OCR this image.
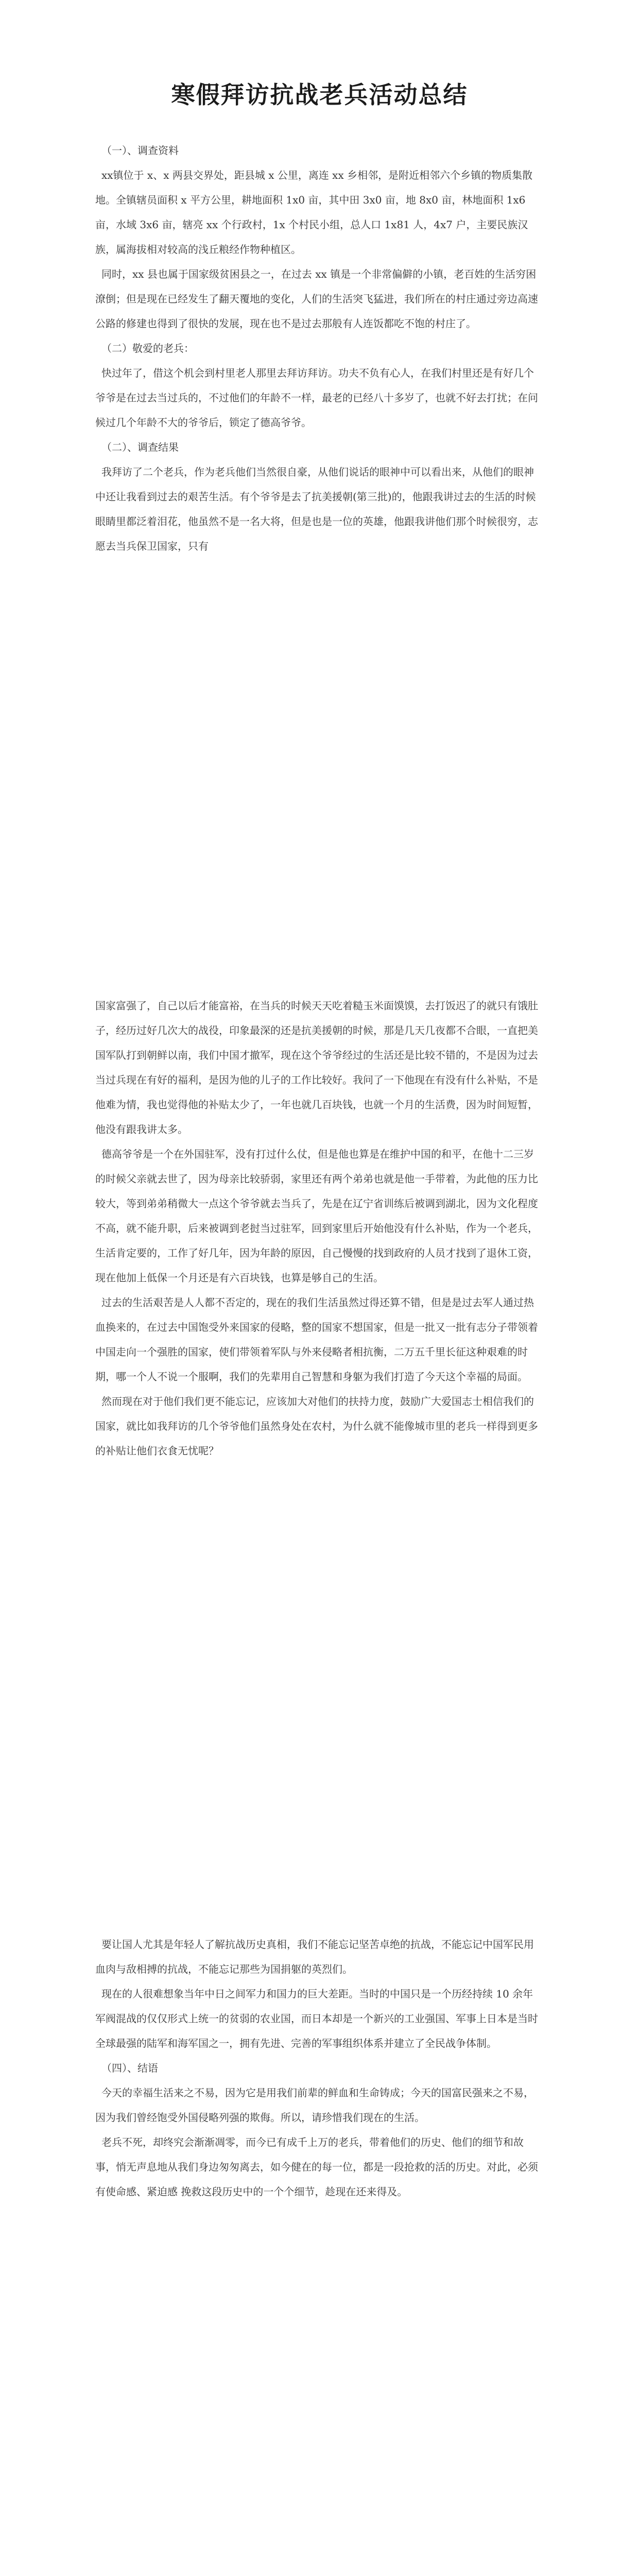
寒假拜访抗战老兵活动总结

（一）、调查资料

xx镇位于 x、x 两县交界处，距县城 x 公里，离连 xx 乡相邻，是附近相邻六个乡镇的物质集散地。全镇辖员面积 x 平方公里，耕地面积 1x0 亩，其中田 3x0 亩，地 8x0 亩，林地面积 1x6 亩，水域 3x6 亩，辖亮 xx 个行政村，1x 个村民小组，总人口 1x81 人，4x7 户，主要民族汉族，属海拔相对较高的浅丘粮经作物种植区。

同时，xx 县也属于国家级贫困县之一，在过去 xx 镇是一个非常偏僻的小镇，老百姓的生活穷困潦倒；但是现在已经发生了翻天覆地的变化，人们的生活突飞猛进，我们所在的村庄通过旁边高速公路的修建也得到了很快的发展，现在也不是过去那般有人连饭都吃不饱的村庄了。

（二）敬爱的老兵：

快过年了，借这个机会到村里老人那里去拜访拜访。功夫不负有心人，在我们村里还是有好几个爷爷是在过去当过兵的，不过他们的年龄不一样，最老的已经八十多岁了，也就不好去打扰；在问候过几个年龄不大的爷爷后，锁定了德高爷爷。

（二）、调查结果

我拜访了二个老兵，作为老兵他们当然很自豪，从他们说话的眼神中可以看出来，从他们的眼神中还让我看到过去的艰苦生活。有个爷爷是去了抗美援朝(第三批)的，他跟我讲过去的生活的时候眼睛里都泛着泪花，他虽然不是一名大将，但是也是一位的英雄，他跟我讲他们那个时候很穷，志愿去当兵保卫国家，只有

国家富强了，自己以后才能富裕，在当兵的时候天天吃着糙玉米面馍馍，去打饭迟了的就只有饿肚子，经历过好几次大的战役，印象最深的还是抗美援朝的时候，那是几天几夜都不合眼，一直把美国军队打到朝鲜以南，我们中国才撤军，现在这个爷爷经过的生活还是比较不错的，不是因为过去当过兵现在有好的福利，是因为他的儿子的工作比较好。我问了一下他现在有没有什么补贴，不是他难为情，我也觉得他的补贴太少了，一年也就几百块钱，也就一个月的生活费，因为时间短暂，他没有跟我讲太多。

德高爷爷是一个在外国驻军，没有打过什么仗，但是他也算是在维护中国的和平，在他十二三岁的时候父亲就去世了，因为母亲比较骄弱，家里还有两个弟弟也就是他一手带着，为此他的压力比较大，等到弟弟稍微大一点这个爷爷就去当兵了，先是在辽宁省训练后被调到湖北，因为文化程度不高，就不能升职，后来被调到老挝当过驻军，回到家里后开始他没有什么补贴，作为一个老兵，生活肯定要的，工作了好几年，因为年龄的原因，自己慢慢的找到政府的人员才找到了退休工资，现在他加上低保一个月还是有六百块钱，也算是够自己的生活。

过去的生活艰苦是人人都不否定的，现在的我们生活虽然过得还算不错，但是是过去军人通过热血换来的，在过去中国饱受外来国家的侵略，整的国家不想国家，但是一批又一批有志分子带领着中国走向一个强胜的国家，使们带领着军队与外来侵略者相抗衡，二万五千里长征这种艰难的时期，哪一个人不说一个服啊，我们的先辈用自己智慧和身躯为我们打造了今天这个幸福的局面。

然而现在对于他们我们更不能忘记，应该加大对他们的扶持力度，鼓励广大爱国志士相信我们的国家，就比如我拜访的几个爷爷他们虽然身处在农村，为什么就不能像城市里的老兵一样得到更多的补贴让他们衣食无忧呢？

要让国人尤其是年轻人了解抗战历史真相，我们不能忘记坚苦卓绝的抗战，不能忘记中国军民用血肉与敌相搏的抗战，不能忘记那些为国捐躯的英烈们。

现在的人很难想象当年中日之间军力和国力的巨大差距。当时的中国只是一个历经持续 10 余年军阀混战的仅仅形式上统一的贫弱的农业国，而日本却是一个新兴的工业强国、军事上日本是当时全球最强的陆军和海军国之一，拥有先进、完善的军事组织体系并建立了全民战争体制。

（四）、结语

今天的幸福生活来之不易，因为它是用我们前辈的鲜血和生命铸成；今天的国富民强来之不易，因为我们曾经饱受外国侵略列强的欺侮。所以，请珍惜我们现在的生活。

老兵不死，却终究会渐渐凋零，而今已有成千上万的老兵，带着他们的历史、他们的细节和故事，悄无声息地从我们身边匆匆离去，如今健在的每一位，都是一段抢救的活的历史。对此，必须有使命感、紧迫感 挽救这段历史中的一个个细节，趁现在还来得及。
